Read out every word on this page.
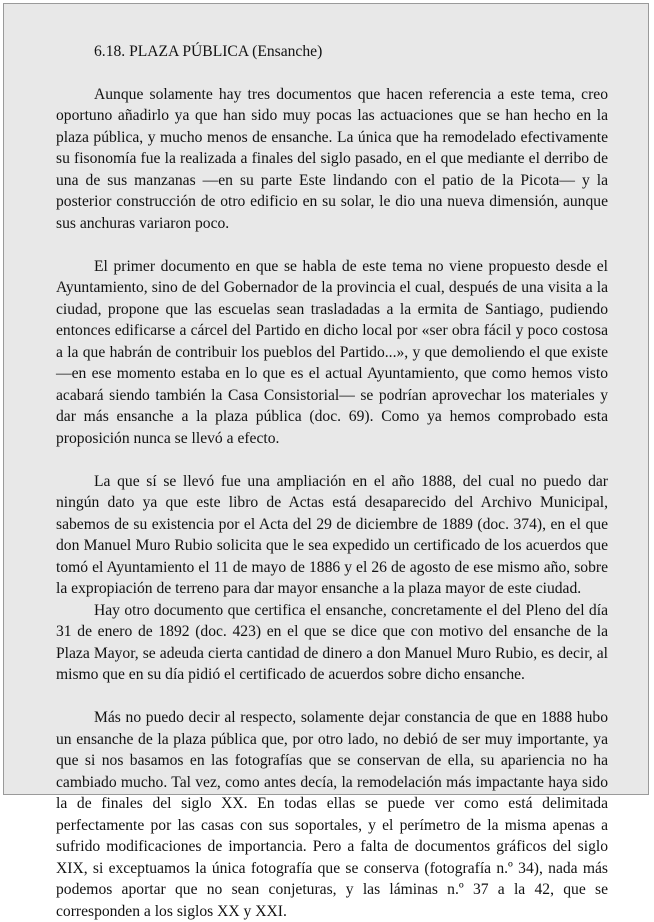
6.18. PLAZA PÚBLICA (Ensanche)

Aunque solamente hay tres documentos que hacen referencia a este tema, creo oportuno añadirlo ya que han sido muy pocas las actuaciones que se han hecho en la plaza pública, y mucho menos de ensanche. La única que ha remodelado efectivamente su fisonomía fue la realizada a finales del siglo pasado, en el que mediante el derribo de una de sus manzanas —en su parte Este lindando con el patio de la Picota— y la posterior construcción de otro edificio en su solar, le dio una nueva dimensión, aunque sus anchuras variaron poco.

El primer documento en que se habla de este tema no viene propuesto desde el Ayuntamiento, sino de del Gobernador de la provincia el cual, después de una visita a la ciudad, propone que las escuelas sean trasladadas a la ermita de Santiago, pudiendo entonces edificarse a cárcel del Partido en dicho local por «ser obra fácil y poco costosa a la que habrán de contribuir los pueblos del Partido...», y que demoliendo el que existe —en ese momento estaba en lo que es el actual Ayuntamiento, que como hemos visto acabará siendo también la Casa Consistorial— se podrían aprovechar los materiales y dar más ensanche a la plaza pública (doc. 69). Como ya hemos comprobado esta proposición nunca se llevó a efecto.

La que sí se llevó fue una ampliación en el año 1888, del cual no puedo dar ningún dato ya que este libro de Actas está desaparecido del Archivo Municipal, sabemos de su existencia por el Acta del 29 de diciembre de 1889 (doc. 374), en el que don Manuel Muro Rubio solicita que le sea expedido un certificado de los acuerdos que tomó el Ayuntamiento el 11 de mayo de 1886 y el 26 de agosto de ese mismo año, sobre la expropiación de terreno para dar mayor ensanche a la plaza mayor de este ciudad.

Hay otro documento que certifica el ensanche, concretamente el del Pleno del día 31 de enero de 1892 (doc. 423) en el que se dice que con motivo del ensanche de la Plaza Mayor, se adeuda cierta cantidad de dinero a don Manuel Muro Rubio, es decir, al mismo que en su día pidió el certificado de acuerdos sobre dicho ensanche.

Más no puedo decir al respecto, solamente dejar constancia de que en 1888 hubo un ensanche de la plaza pública que, por otro lado, no debió de ser muy importante, ya que si nos basamos en las fotografías que se conservan de ella, su apariencia no ha cambiado mucho. Tal vez, como antes decía, la remodelación más impactante haya sido la de finales del siglo XX. En todas ellas se puede ver como está delimitada perfectamente por las casas con sus soportales, y el perímetro de la misma apenas a sufrido modificaciones de importancia. Pero a falta de documentos gráficos del siglo XIX, si exceptuamos la única fotografía que se conserva (fotografía n.º 34), nada más podemos aportar que no sean conjeturas, y las láminas n.º 37 a la 42, que se corresponden a los siglos XX y XXI.
